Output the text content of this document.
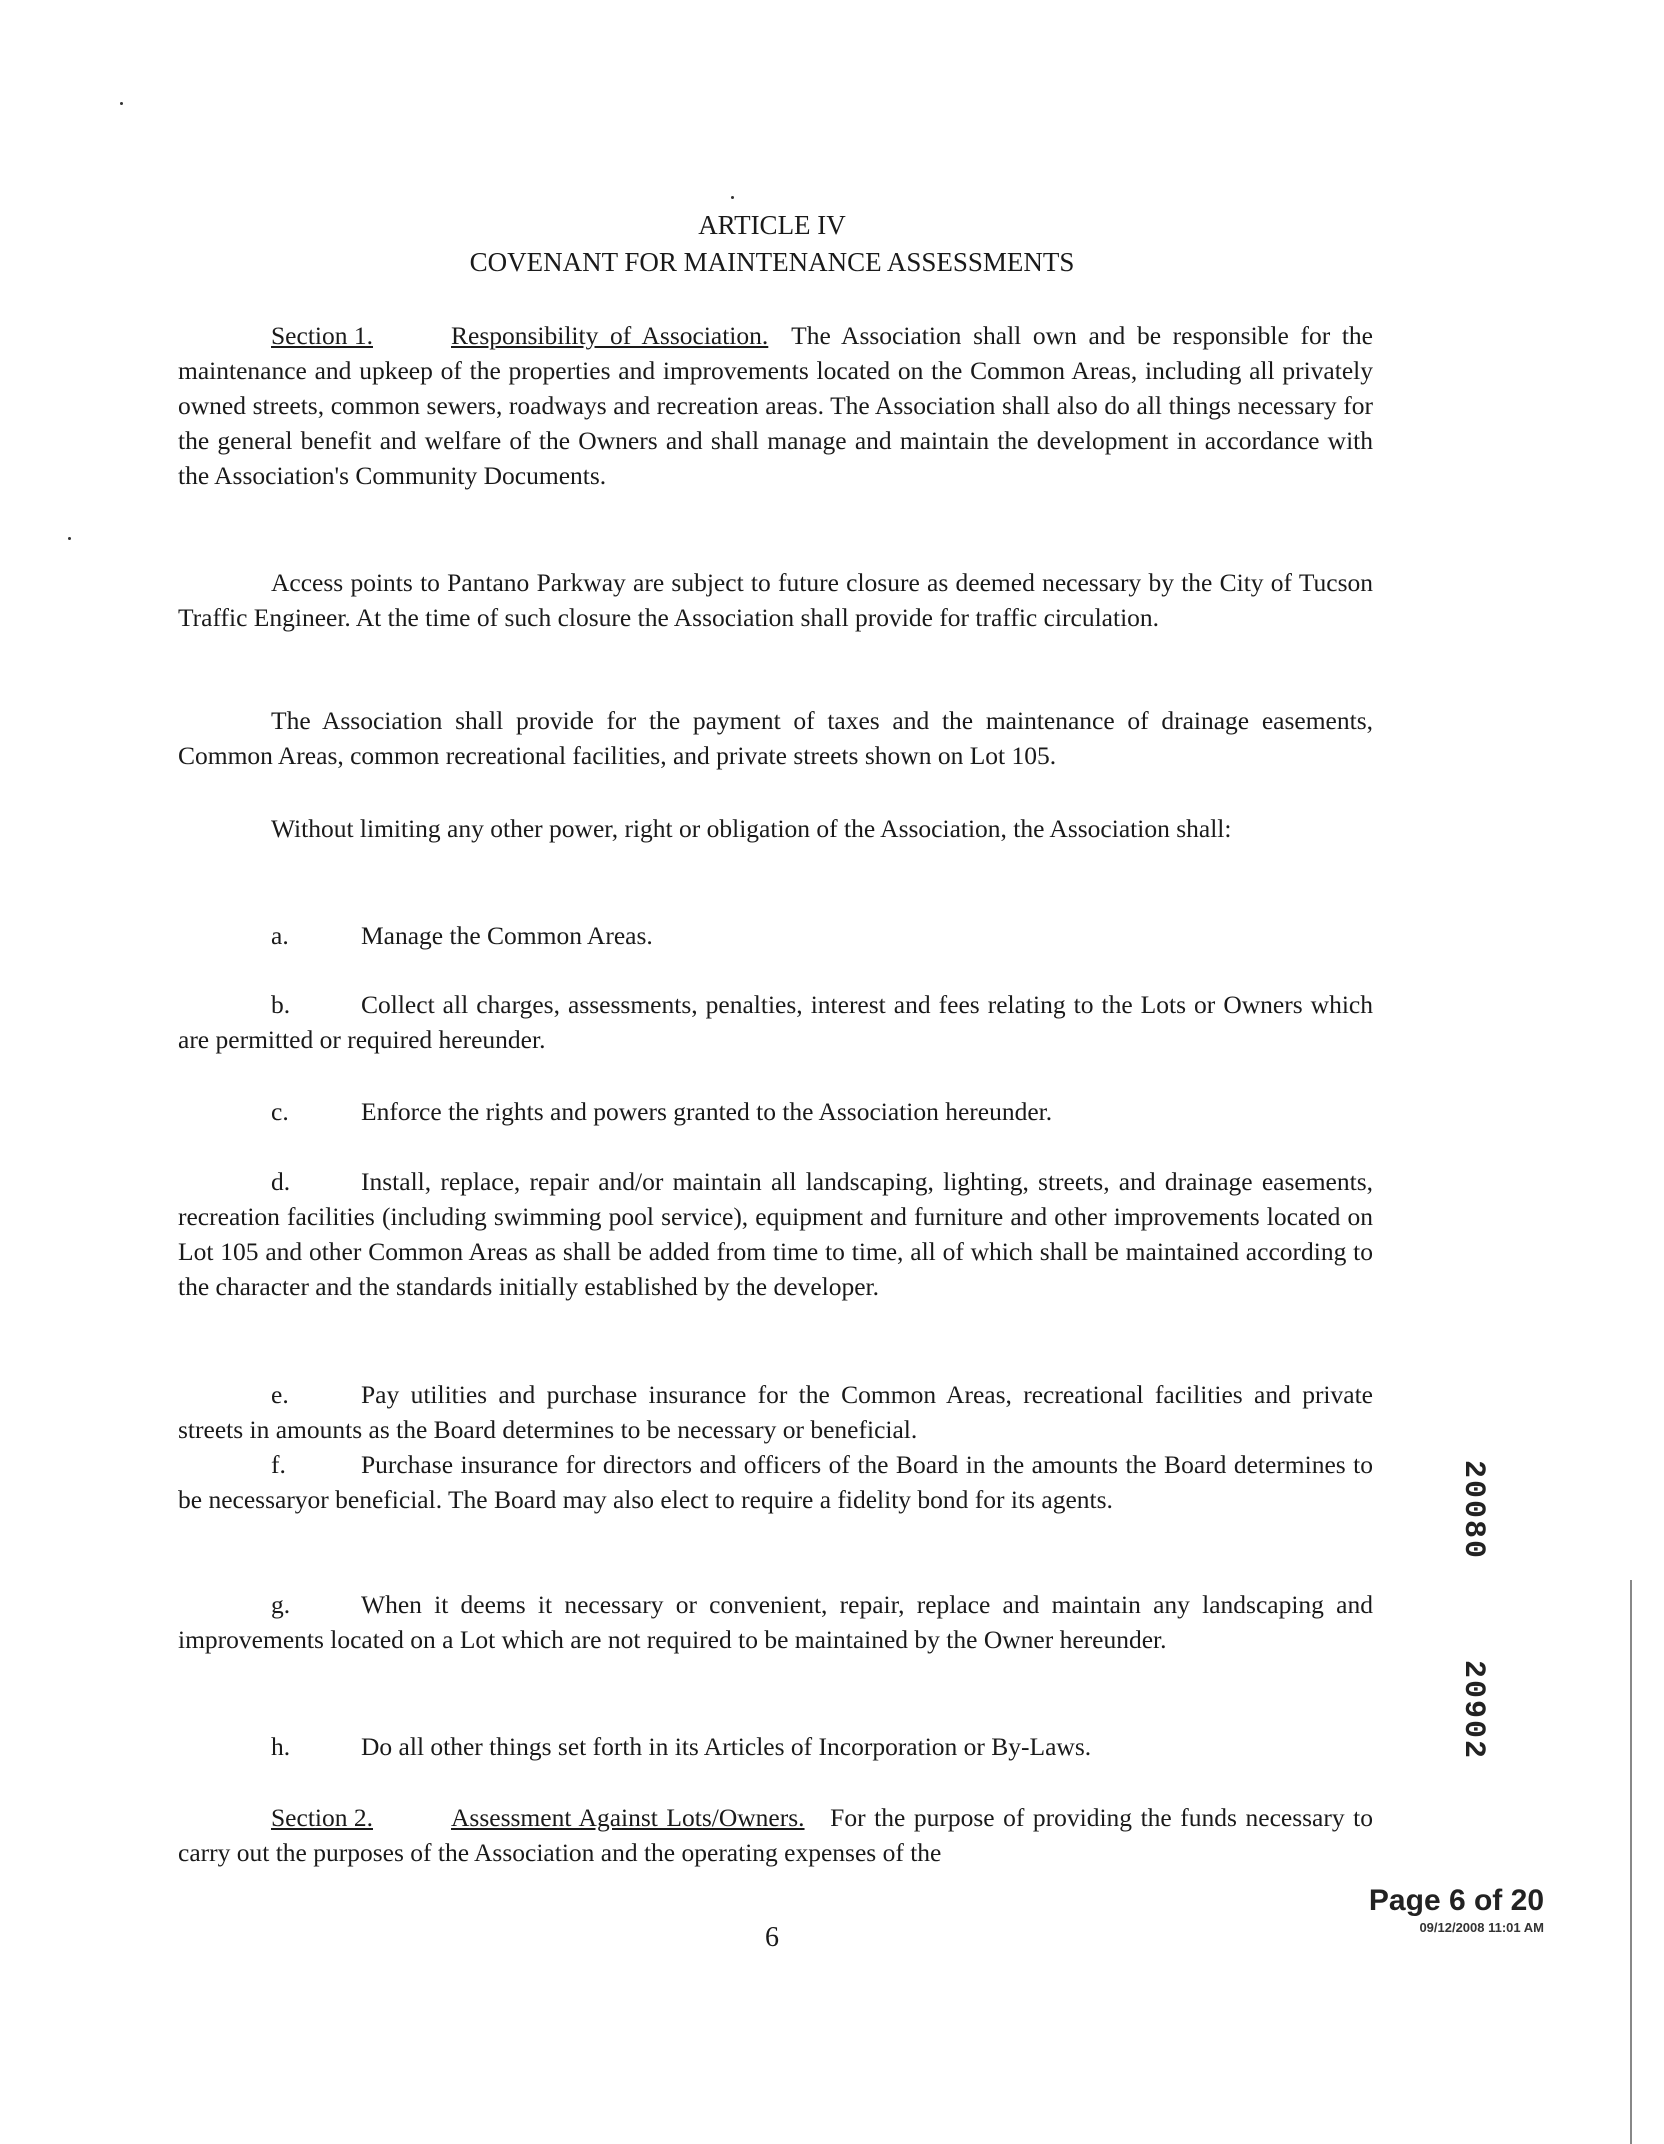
ARTICLE IV
COVENANT FOR MAINTENANCE ASSESSMENTS
Section 1.	Responsibility of Association. The Association shall own and be responsible for the maintenance and upkeep of the properties and improvements located on the Common Areas, including all privately owned streets, common sewers, roadways and recreation areas. The Association shall also do all things necessary for the general benefit and welfare of the Owners and shall manage and maintain the development in accordance with the Association's Community Documents.
Access points to Pantano Parkway are subject to future closure as deemed necessary by the City of Tucson Traffic Engineer. At the time of such closure the Association shall provide for traffic circulation.
The Association shall provide for the payment of taxes and the maintenance of drainage easements, Common Areas, common recreational facilities, and private streets shown on Lot 105.
Without limiting any other power, right or obligation of the Association, the Association shall:
a.	Manage the Common Areas.
b.	Collect all charges, assessments, penalties, interest and fees relating to the Lots or Owners which are permitted or required hereunder.
c.	Enforce the rights and powers granted to the Association hereunder.
d.	Install, replace, repair and/or maintain all landscaping, lighting, streets, and drainage easements, recreation facilities (including swimming pool service), equipment and furniture and other improvements located on Lot 105 and other Common Areas as shall be added from time to time, all of which shall be maintained according to the character and the standards initially established by the developer.
e.	Pay utilities and purchase insurance for the Common Areas, recreational facilities and private streets in amounts as the Board determines to be necessary or beneficial.
f.	Purchase insurance for directors and officers of the Board in the amounts the Board determines to be necessaryor beneficial. The Board may also elect to require a fidelity bond for its agents.
g.	When it deems it necessary or convenient, repair, replace and maintain any landscaping and improvements located on a Lot which are not required to be maintained by the Owner hereunder.
h.	Do all other things set forth in its Articles of Incorporation or By-Laws.
Section 2.	Assessment Against Lots/Owners. For the purpose of providing the funds necessary to carry out the purposes of the Association and the operating expenses of the
20080
20902
Page 6 of 20
09/12/2008 11:01 AM
6
